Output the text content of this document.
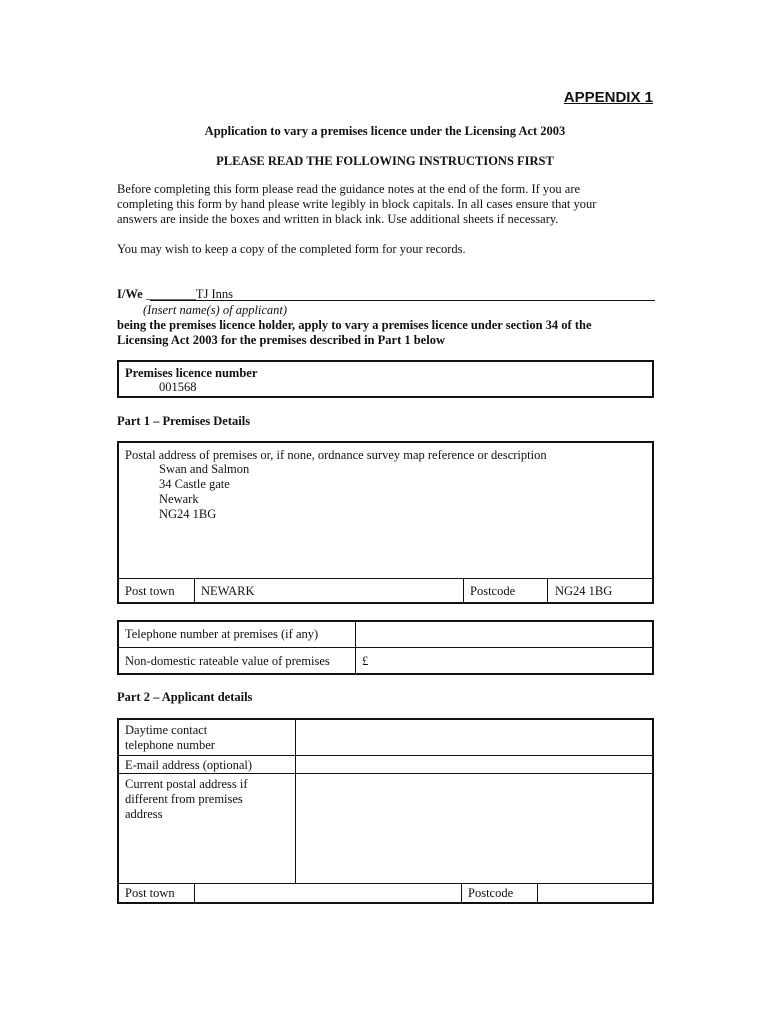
APPENDIX 1
Application to vary a premises licence under the Licensing Act 2003
PLEASE READ THE FOLLOWING INSTRUCTIONS FIRST
Before completing this form please read the guidance notes at the end of the form. If you are
completing this form by hand please write legibly in block capitals. In all cases ensure that your
answers are inside the boxes and written in black ink. Use additional sheets if necessary.
You may wish to keep a copy of the completed form for your records.
I/We ________TJ Inns
(Insert name(s) of applicant)
being the premises licence holder, apply to vary a premises licence under section 34 of the
Licensing Act 2003 for the premises described in Part 1 below
Premises licence number
001568
Part 1 – Premises Details
Postal address of premises or, if none, ordnance survey map reference or description
Swan and Salmon
34 Castle gate
Newark
NG24 1BG
Post town NEWARK	Postcode	NG24 1BG
Telephone number at premises (if any)
Non-domestic rateable value of premises	£
Part 2 – Applicant details
Daytime contact
telephone number
E-mail address (optional)
Current postal address if
different from premises
address
Post town	Postcode
